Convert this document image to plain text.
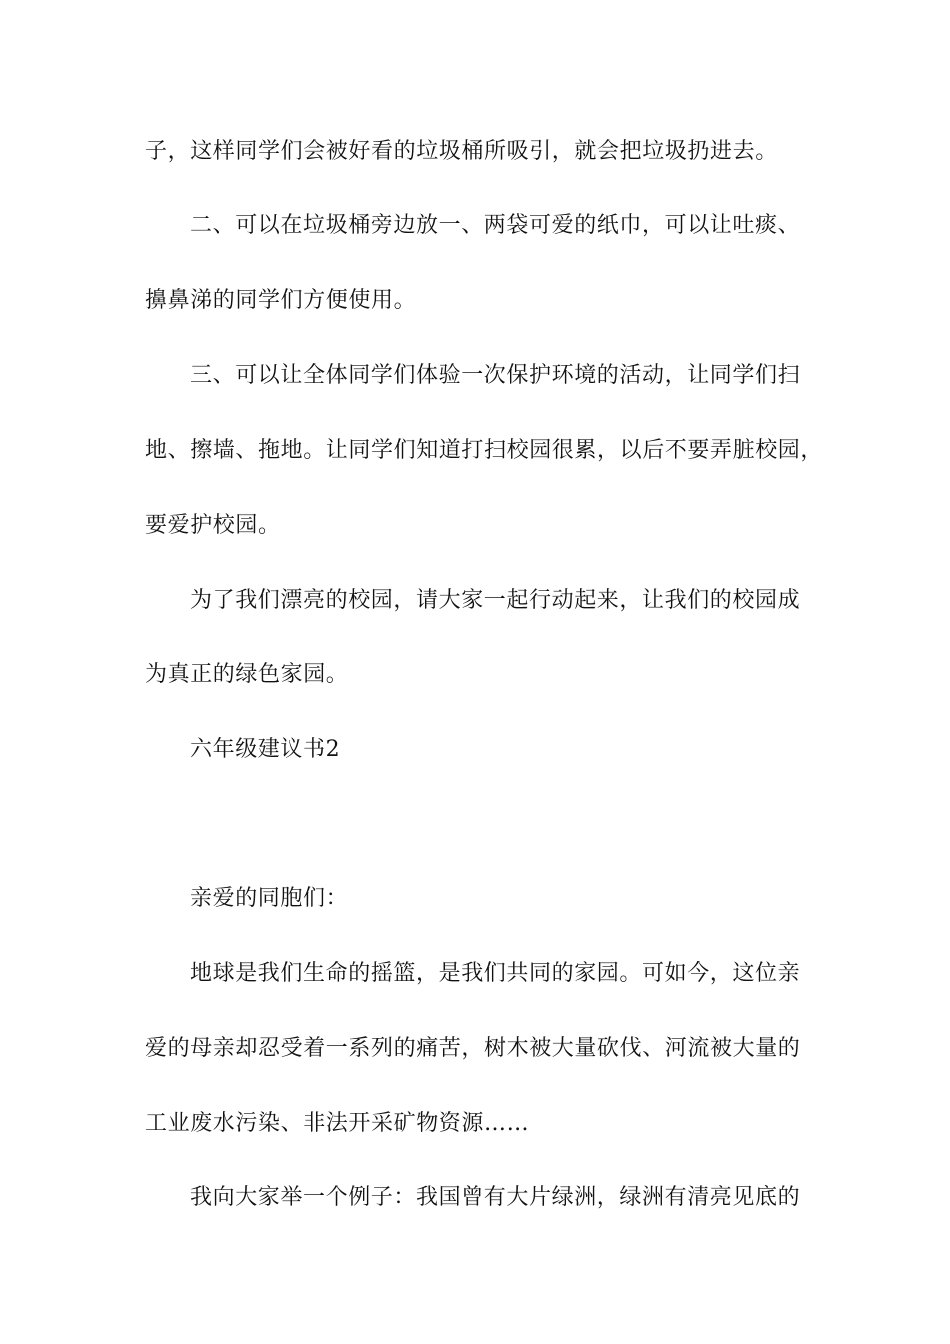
子，这样同学们会被好看的垃圾桶所吸引，就会把垃圾扔进去。

二、可以在垃圾桶旁边放一、两袋可爱的纸巾，可以让吐痰、

擤鼻涕的同学们方便使用。

三、可以让全体同学们体验一次保护环境的活动，让同学们扫

地、擦墙、拖地。让同学们知道打扫校园很累，以后不要弄脏校园，

要爱护校园。

为了我们漂亮的校园，请大家一起行动起来，让我们的校园成

为真正的绿色家园。

六年级建议书2

亲爱的同胞们：

地球是我们生命的摇篮，是我们共同的家园。可如今，这位亲

爱的母亲却忍受着一系列的痛苦，树木被大量砍伐、河流被大量的

工业废水污染、非法开采矿物资源……

我向大家举一个例子：我国曾有大片绿洲，绿洲有清亮见底的
